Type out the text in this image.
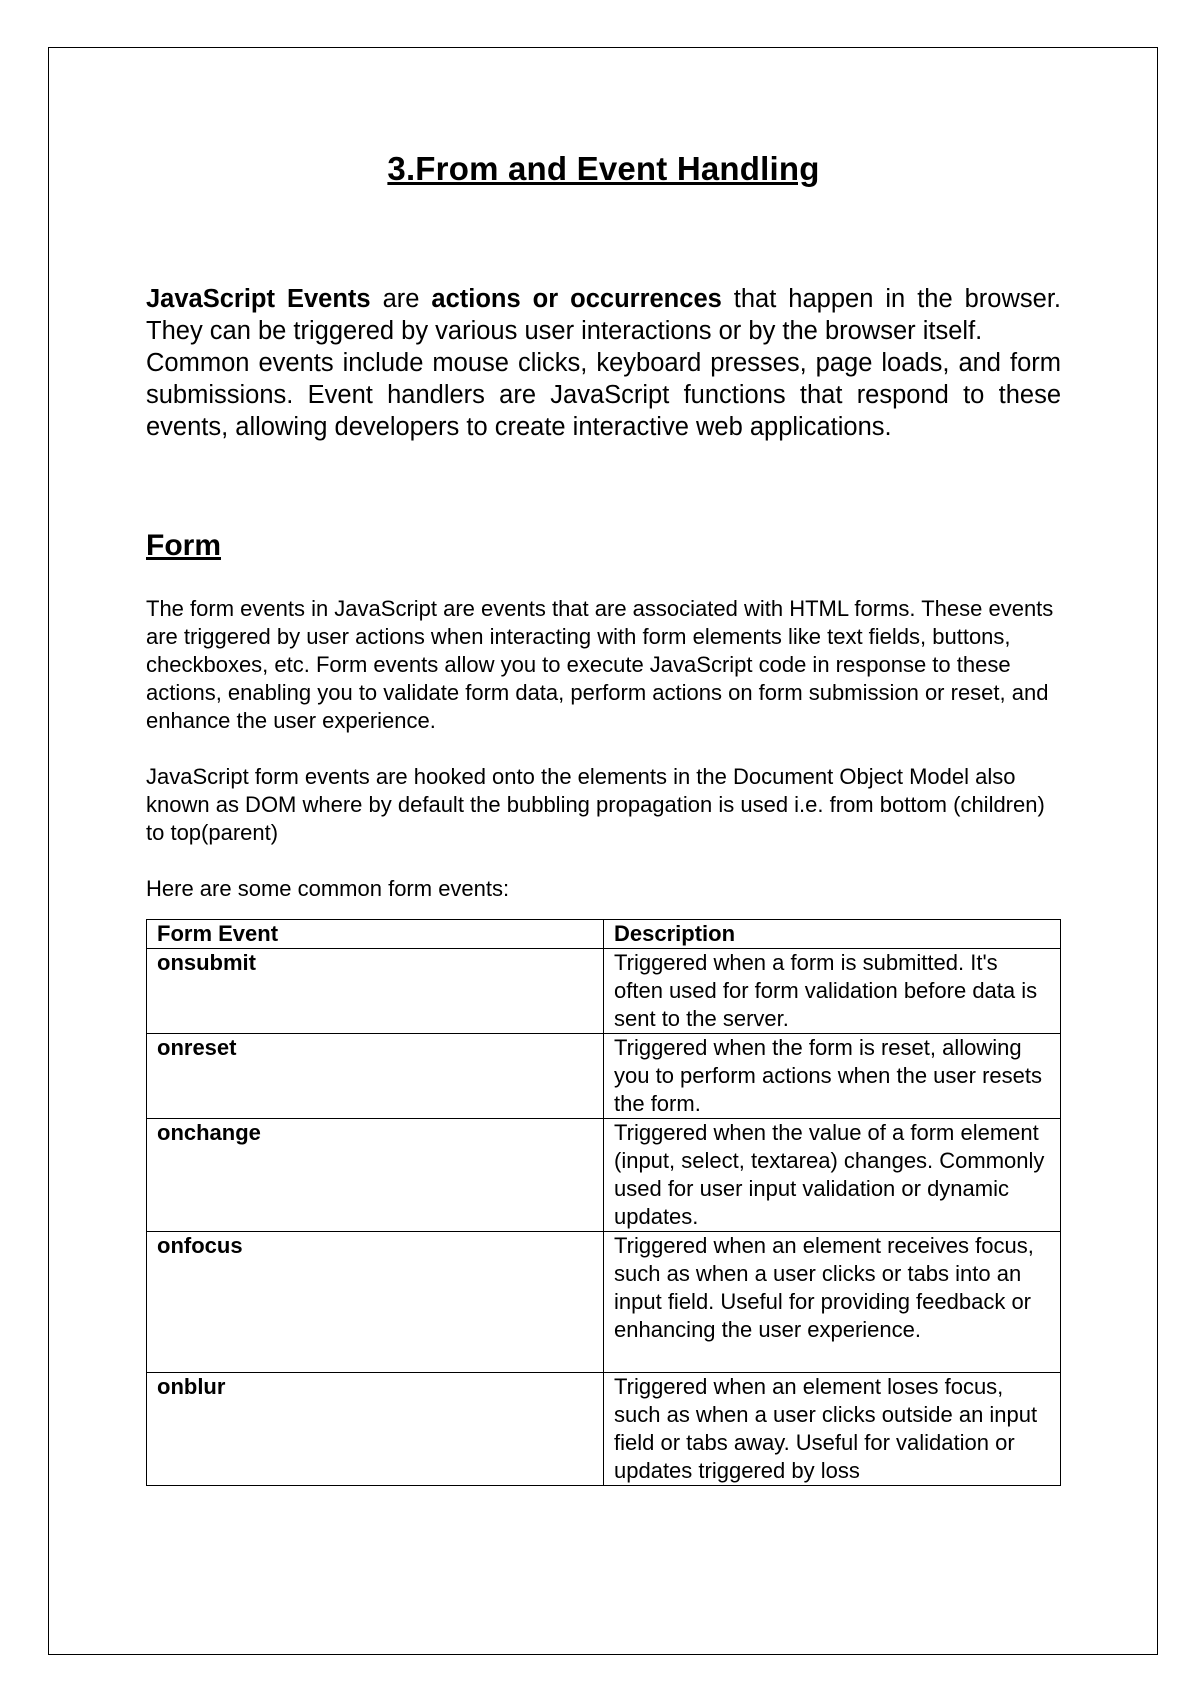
3.From and Event Handling

JavaScript Events are actions or occurrences that happen in the browser. They can be triggered by various user interactions or by the browser itself.

Common events include mouse clicks, keyboard presses, page loads, and form submissions. Event handlers are JavaScript functions that respond to these events, allowing developers to create interactive web applications.

Form

The form events in JavaScript are events that are associated with HTML forms. These events are triggered by user actions when interacting with form elements like text fields, buttons, checkboxes, etc. Form events allow you to execute JavaScript code in response to these actions, enabling you to validate form data, perform actions on form submission or reset, and enhance the user experience.

JavaScript form events are hooked onto the elements in the Document Object Model also known as DOM where by default the bubbling propagation is used i.e. from bottom (children) to top(parent)

Here are some common form events:

Form Event	Description
onsubmit	Triggered when a form is submitted. It's often used for form validation before data is sent to the server.
onreset	Triggered when the form is reset, allowing you to perform actions when the user resets the form.
onchange	Triggered when the value of a form element (input, select, textarea) changes. Commonly used for user input validation or dynamic updates.
onfocus	Triggered when an element receives focus, such as when a user clicks or tabs into an input field. Useful for providing feedback or enhancing the user experience.
onblur	Triggered when an element loses focus, such as when a user clicks outside an input field or tabs away. Useful for validation or updates triggered by loss
